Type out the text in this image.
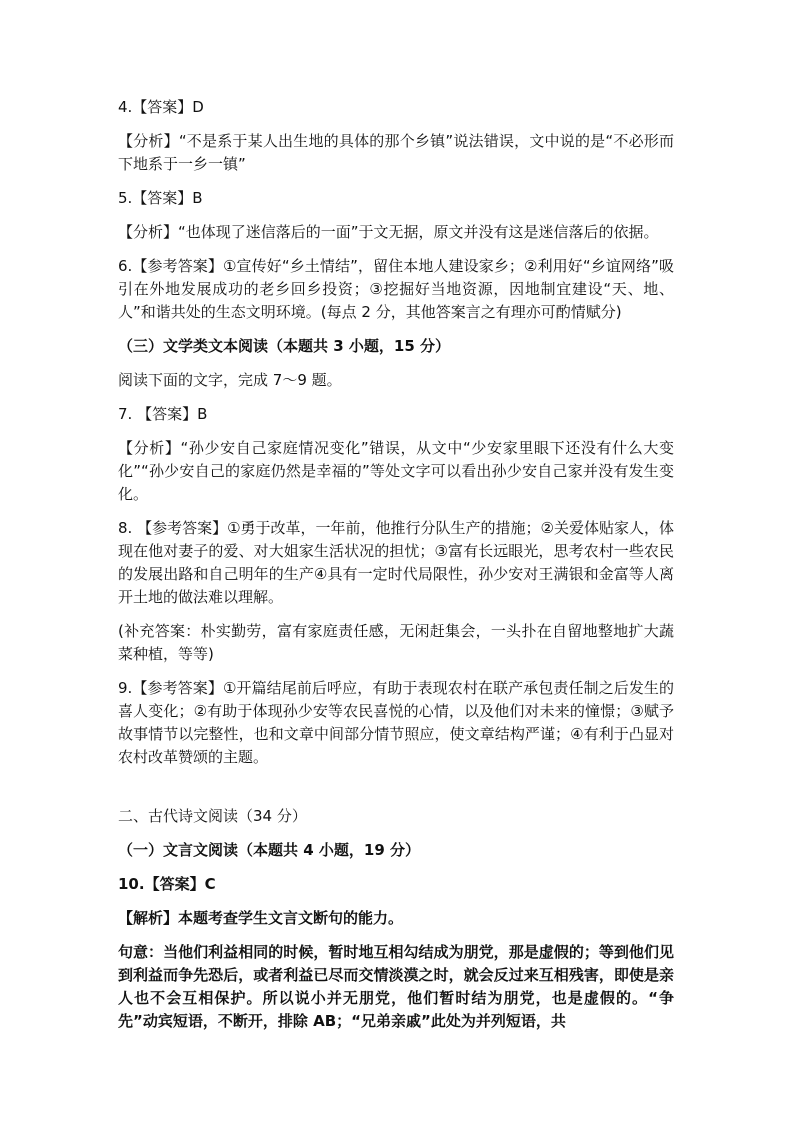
4.【答案】D

【分析】“不是系于某人出生地的具体的那个乡镇”说法错误，文中说的是“不必形而下地系于一乡一镇”

5.【答案】B

【分析】“也体现了迷信落后的一面”于文无据，原文并没有这是迷信落后的依据。

6.【参考答案】①宣传好“乡土情结”，留住本地人建设家乡；②利用好“乡谊网络”吸引在外地发展成功的老乡回乡投资；③挖掘好当地资源，因地制宜建设“天、地、人”和谐共处的生态文明环境。(每点 2 分，其他答案言之有理亦可酌情赋分)

（三）文学类文本阅读（本题共 3 小题，15 分）

阅读下面的文字，完成 7～9 题。

7. 【答案】B

【分析】“孙少安自己家庭情况变化”错误，从文中“少安家里眼下还没有什么大变化”“孙少安自己的家庭仍然是幸福的”等处文字可以看出孙少安自己家并没有发生变化。

8. 【参考答案】①勇于改革，一年前，他推行分队生产的措施；②关爱体贴家人，体现在他对妻子的爱、对大姐家生活状况的担忧；③富有长远眼光，思考农村一些农民的发展出路和自己明年的生产④具有一定时代局限性，孙少安对王满银和金富等人离开土地的做法难以理解。

(补充答案：朴实勤劳，富有家庭责任感，无闲赶集会，一头扑在自留地整地扩大蔬菜种植，等等)

9.【参考答案】①开篇结尾前后呼应，有助于表现农村在联产承包责任制之后发生的喜人变化；②有助于体现孙少安等农民喜悦的心情，以及他们对未来的憧憬；③赋予故事情节以完整性，也和文章中间部分情节照应，使文章结构严谨；④有利于凸显对农村改革赞颂的主题。

二、古代诗文阅读（34 分）

（一）文言文阅读（本题共 4 小题，19 分）

10.【答案】C

【解析】本题考查学生文言文断句的能力。

句意：当他们利益相同的时候，暂时地互相勾结成为朋党，那是虚假的；等到他们见到利益而争先恐后，或者利益已尽而交情淡漠之时，就会反过来互相残害，即使是亲人也不会互相保护。所以说小并无朋党，他们暂时结为朋党，也是虚假的。“争先”动宾短语，不断开，排除 AB；“兄弟亲戚”此处为并列短语，共
